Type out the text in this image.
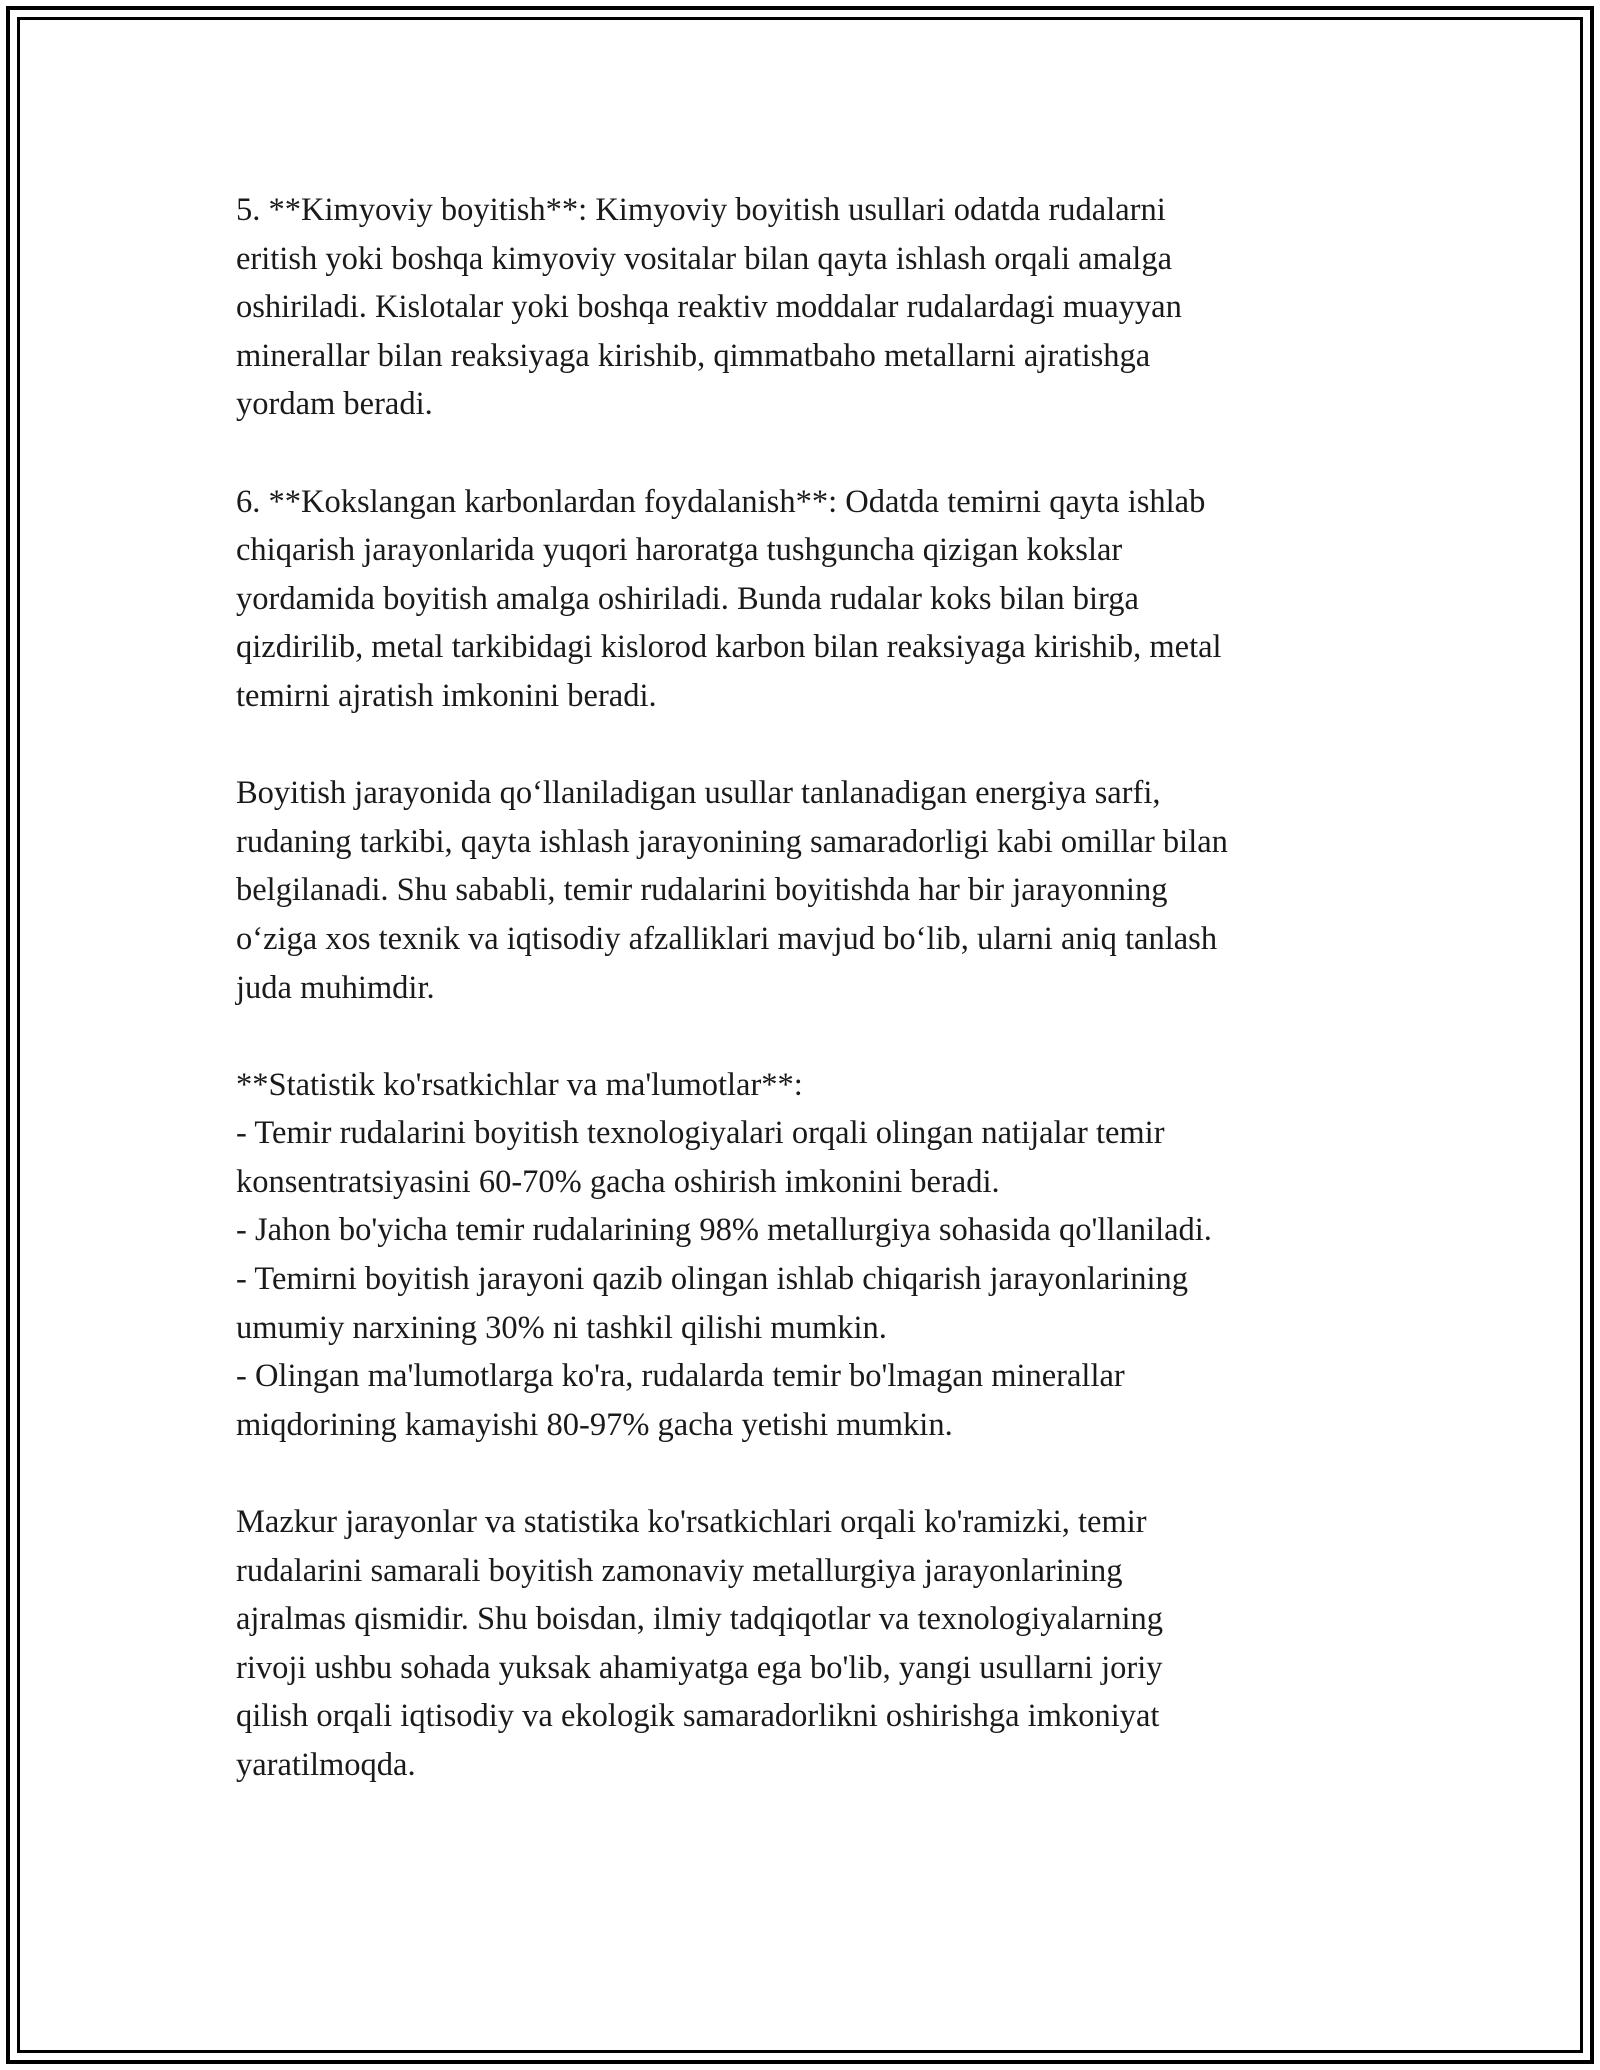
5. **Kimyoviy boyitish**: Kimyoviy boyitish usullari odatda rudalarni
eritish yoki boshqa kimyoviy vositalar bilan qayta ishlash orqali amalga
oshiriladi. Kislotalar yoki boshqa reaktiv moddalar rudalardagi muayyan
minerallar bilan reaksiyaga kirishib, qimmatbaho metallarni ajratishga
yordam beradi.

6. **Kokslangan karbonlardan foydalanish**: Odatda temirni qayta ishlab
chiqarish jarayonlarida yuqori haroratga tushguncha qizigan kokslar
yordamida boyitish amalga oshiriladi. Bunda rudalar koks bilan birga
qizdirilib, metal tarkibidagi kislorod karbon bilan reaksiyaga kirishib, metal
temirni ajratish imkonini beradi.

Boyitish jarayonida qo‘llaniladigan usullar tanlanadigan energiya sarfi,
rudaning tarkibi, qayta ishlash jarayonining samaradorligi kabi omillar bilan
belgilanadi. Shu sababli, temir rudalarini boyitishda har bir jarayonning
o‘ziga xos texnik va iqtisodiy afzalliklari mavjud bo‘lib, ularni aniq tanlash
juda muhimdir.

**Statistik ko'rsatkichlar va ma'lumotlar**:
- Temir rudalarini boyitish texnologiyalari orqali olingan natijalar temir
konsentratsiyasini 60-70% gacha oshirish imkonini beradi.
- Jahon bo'yicha temir rudalarining 98% metallurgiya sohasida qo'llaniladi.
- Temirni boyitish jarayoni qazib olingan ishlab chiqarish jarayonlarining
umumiy narxining 30% ni tashkil qilishi mumkin.
- Olingan ma'lumotlarga ko'ra, rudalarda temir bo'lmagan minerallar
miqdorining kamayishi 80-97% gacha yetishi mumkin.

Mazkur jarayonlar va statistika ko'rsatkichlari orqali ko'ramizki, temir
rudalarini samarali boyitish zamonaviy metallurgiya jarayonlarining
ajralmas qismidir. Shu boisdan, ilmiy tadqiqotlar va texnologiyalarning
rivoji ushbu sohada yuksak ahamiyatga ega bo'lib, yangi usullarni joriy
qilish orqali iqtisodiy va ekologik samaradorlikni oshirishga imkoniyat
yaratilmoqda.
